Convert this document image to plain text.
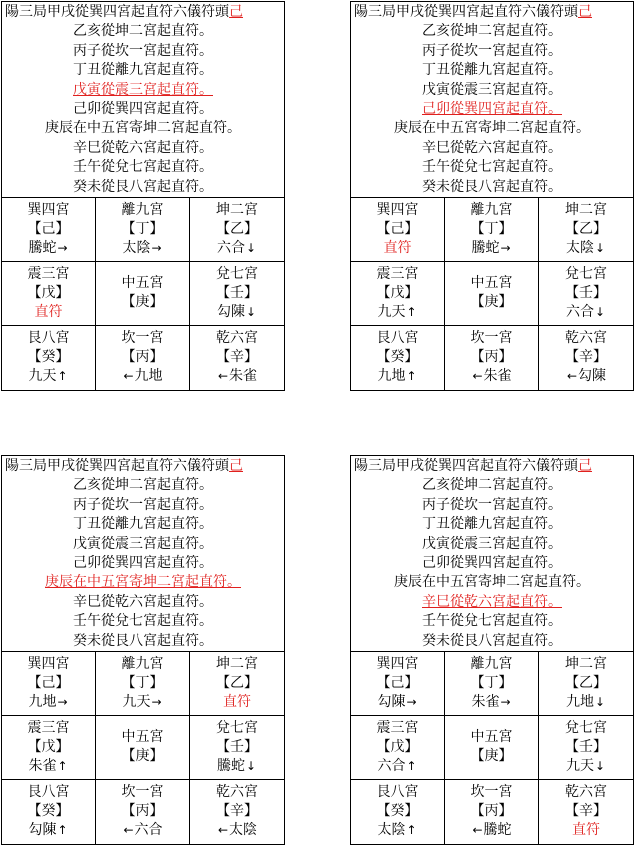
陽三局甲戌從巽四宮起直符六儀符頭己
乙亥從坤二宮起直符。
丙子從坎一宮起直符。
丁丑從離九宮起直符。
戊寅從震三宮起直符。
己卯從巽四宮起直符。
庚辰在中五宮寄坤二宮起直符。
辛巳從乾六宮起直符。
壬午從兌七宮起直符。
癸未從艮八宮起直符。
巽四宮
【己】
騰蛇→
離九宮
【丁】
太陰→
坤二宮
【乙】
六合↓
震三宮
【戊】
直符
中五宮
【庚】
兌七宮
【壬】
勾陳↓
艮八宮
【癸】
九天↑
坎一宮
【丙】
←九地
乾六宮
【辛】
←朱雀
陽三局甲戌從巽四宮起直符六儀符頭己
乙亥從坤二宮起直符。
丙子從坎一宮起直符。
丁丑從離九宮起直符。
戊寅從震三宮起直符。
己卯從巽四宮起直符。
庚辰在中五宮寄坤二宮起直符。
辛巳從乾六宮起直符。
壬午從兌七宮起直符。
癸未從艮八宮起直符。
巽四宮
【己】
直符
離九宮
【丁】
騰蛇→
坤二宮
【乙】
太陰↓
震三宮
【戊】
九天↑
中五宮
【庚】
兌七宮
【壬】
六合↓
艮八宮
【癸】
九地↑
坎一宮
【丙】
←朱雀
乾六宮
【辛】
←勾陳
陽三局甲戌從巽四宮起直符六儀符頭己
乙亥從坤二宮起直符。
丙子從坎一宮起直符。
丁丑從離九宮起直符。
戊寅從震三宮起直符。
己卯從巽四宮起直符。
庚辰在中五宮寄坤二宮起直符。
辛巳從乾六宮起直符。
壬午從兌七宮起直符。
癸未從艮八宮起直符。
巽四宮
【己】
九地→
離九宮
【丁】
九天→
坤二宮
【乙】
直符
震三宮
【戊】
朱雀↑
中五宮
【庚】
兌七宮
【壬】
騰蛇↓
艮八宮
【癸】
勾陳↑
坎一宮
【丙】
←六合
乾六宮
【辛】
←太陰
陽三局甲戌從巽四宮起直符六儀符頭己
乙亥從坤二宮起直符。
丙子從坎一宮起直符。
丁丑從離九宮起直符。
戊寅從震三宮起直符。
己卯從巽四宮起直符。
庚辰在中五宮寄坤二宮起直符。
辛巳從乾六宮起直符。
壬午從兌七宮起直符。
癸未從艮八宮起直符。
巽四宮
【己】
勾陳→
離九宮
【丁】
朱雀→
坤二宮
【乙】
九地↓
震三宮
【戊】
六合↑
中五宮
【庚】
兌七宮
【壬】
九天↓
艮八宮
【癸】
太陰↑
坎一宮
【丙】
←騰蛇
乾六宮
【辛】
直符
